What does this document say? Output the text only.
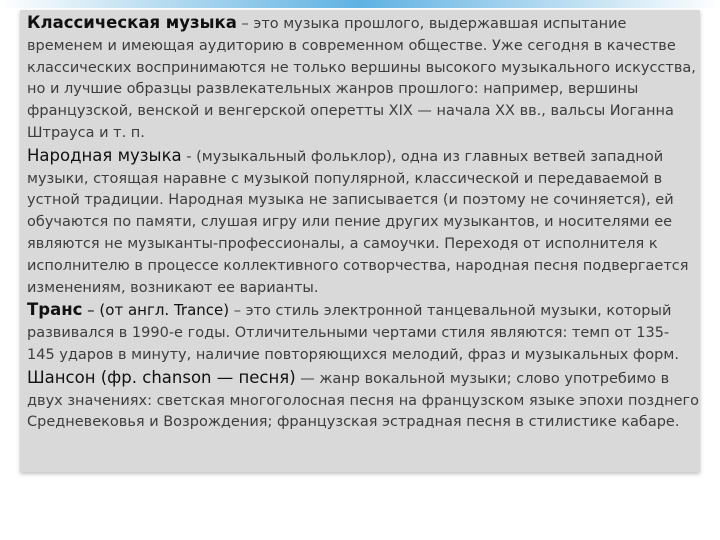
Классическая музыка – это музыка прошлого, выдержавшая испытание временем и имеющая аудиторию в современном обществе. Уже сегодня в качестве классических воспринимаются не только вершины высокого музыкального искусства, но и лучшие образцы развлекательных жанров прошлого: например, вершины французской, венской и венгерской оперетты XIX — начала XX вв., вальсы Иоганна Штрауса и т. п.

Народная музыка - (музыкальный фольклор), одна из главных ветвей западной музыки, стоящая наравне с музыкой популярной, классической и передаваемой в устной традиции. Народная музыка не записывается (и поэтому не сочиняется), ей обучаются по памяти, слушая игру или пение других музыкантов, и носителями ее являются не музыканты-профессионалы, а самоучки. Переходя от исполнителя к исполнителю в процессе коллективного сотворчества, народная песня подвергается изменениям, возникают ее варианты.

Транс – (от англ. Trance) – это стиль электронной танцевальной музыки, который развивался в 1990-е годы. Отличительными чертами стиля являются: темп от 135- 145 ударов в минуту, наличие повторяющихся мелодий, фраз и музыкальных форм.

Шансон (фр. chanson — песня) — жанр вокальной музыки; слово употребимо в двух значениях: светская многоголосная песня на французском языке эпохи позднего Средневековья и Возрождения; французская эстрадная песня в стилистике кабаре.
